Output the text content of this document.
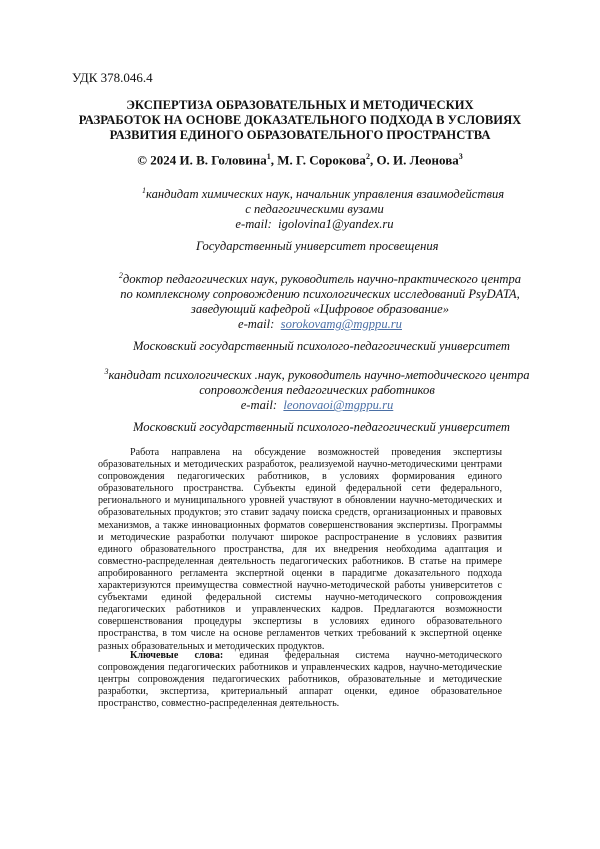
УДК 378.046.4
ЭКСПЕРТИЗА ОБРАЗОВАТЕЛЬНЫХ И МЕТОДИЧЕСКИХ
РАЗРАБОТОК НА ОСНОВЕ ДОКАЗАТЕЛЬНОГО ПОДХОДА В УСЛОВИЯХ
РАЗВИТИЯ ЕДИНОГО ОБРАЗОВАТЕЛЬНОГО ПРОСТРАНСТВА
© 2024 И. В. Головина$^1$, М. Г. Сорокова$^2$, О. И. Леонова$^3$
$^1$кандидат химических наук, начальник управления взаимодействия
с педагогическими вузами
e-mail: igolovina1@yandex.ru
Государственный университет просвещения
$^2$доктор педагогических наук, руководитель научно-практического центра
по комплексному сопровождению психологических исследований PsyDATA,
заведующий кафедрой «Цифровое образование»
e-mail: sorokovamg@mgppu.ru
Московский государственный психолого-педагогический университет
$^3$кандидат психологических .наук, руководитель научно-методического центра
сопровождения педагогических работников
e-mail: leonovaoi@mgppu.ru
Московский государственный психолого-педагогический университет
Работа направлена на обсуждение возможностей проведения экспертизы образовательных и методических разработок, реализуемой научно-методическими центрами сопровождения педагогических работников, в условиях формирования единого образовательного пространства. Субъекты единой федеральной сети федерального, регионального и муниципального уровней участвуют в обновлении научно-методических и образовательных продуктов; это ставит задачу поиска средств, организационных и правовых механизмов, а также инновационных форматов совершенствования экспертизы. Программы и методические разработки получают широкое распространение в условиях развития единого образовательного пространства, для их внедрения необходима адаптация и совместно-распределенная деятельность педагогических работников. В статье на примере апробированного регламента экспертной оценки в парадигме доказательного подхода характеризуются преимущества совместной научно-методической работы университетов с субъектами единой федеральной системы научно-методического сопровождения педагогических работников и управленческих кадров. Предлагаются возможности совершенствования процедуры экспертизы в условиях единого образовательного пространства, в том числе на основе регламентов четких требований к экспертной оценке разных образовательных и методических продуктов.
Ключевые слова: единая федеральная система научно-методического сопровождения педагогических работников и управленческих кадров, научно-методические центры сопровождения педагогических работников, образовательные и методические разработки, экспертиза, критериальный аппарат оценки, единое образовательное пространство, совместно-распределенная деятельность.
